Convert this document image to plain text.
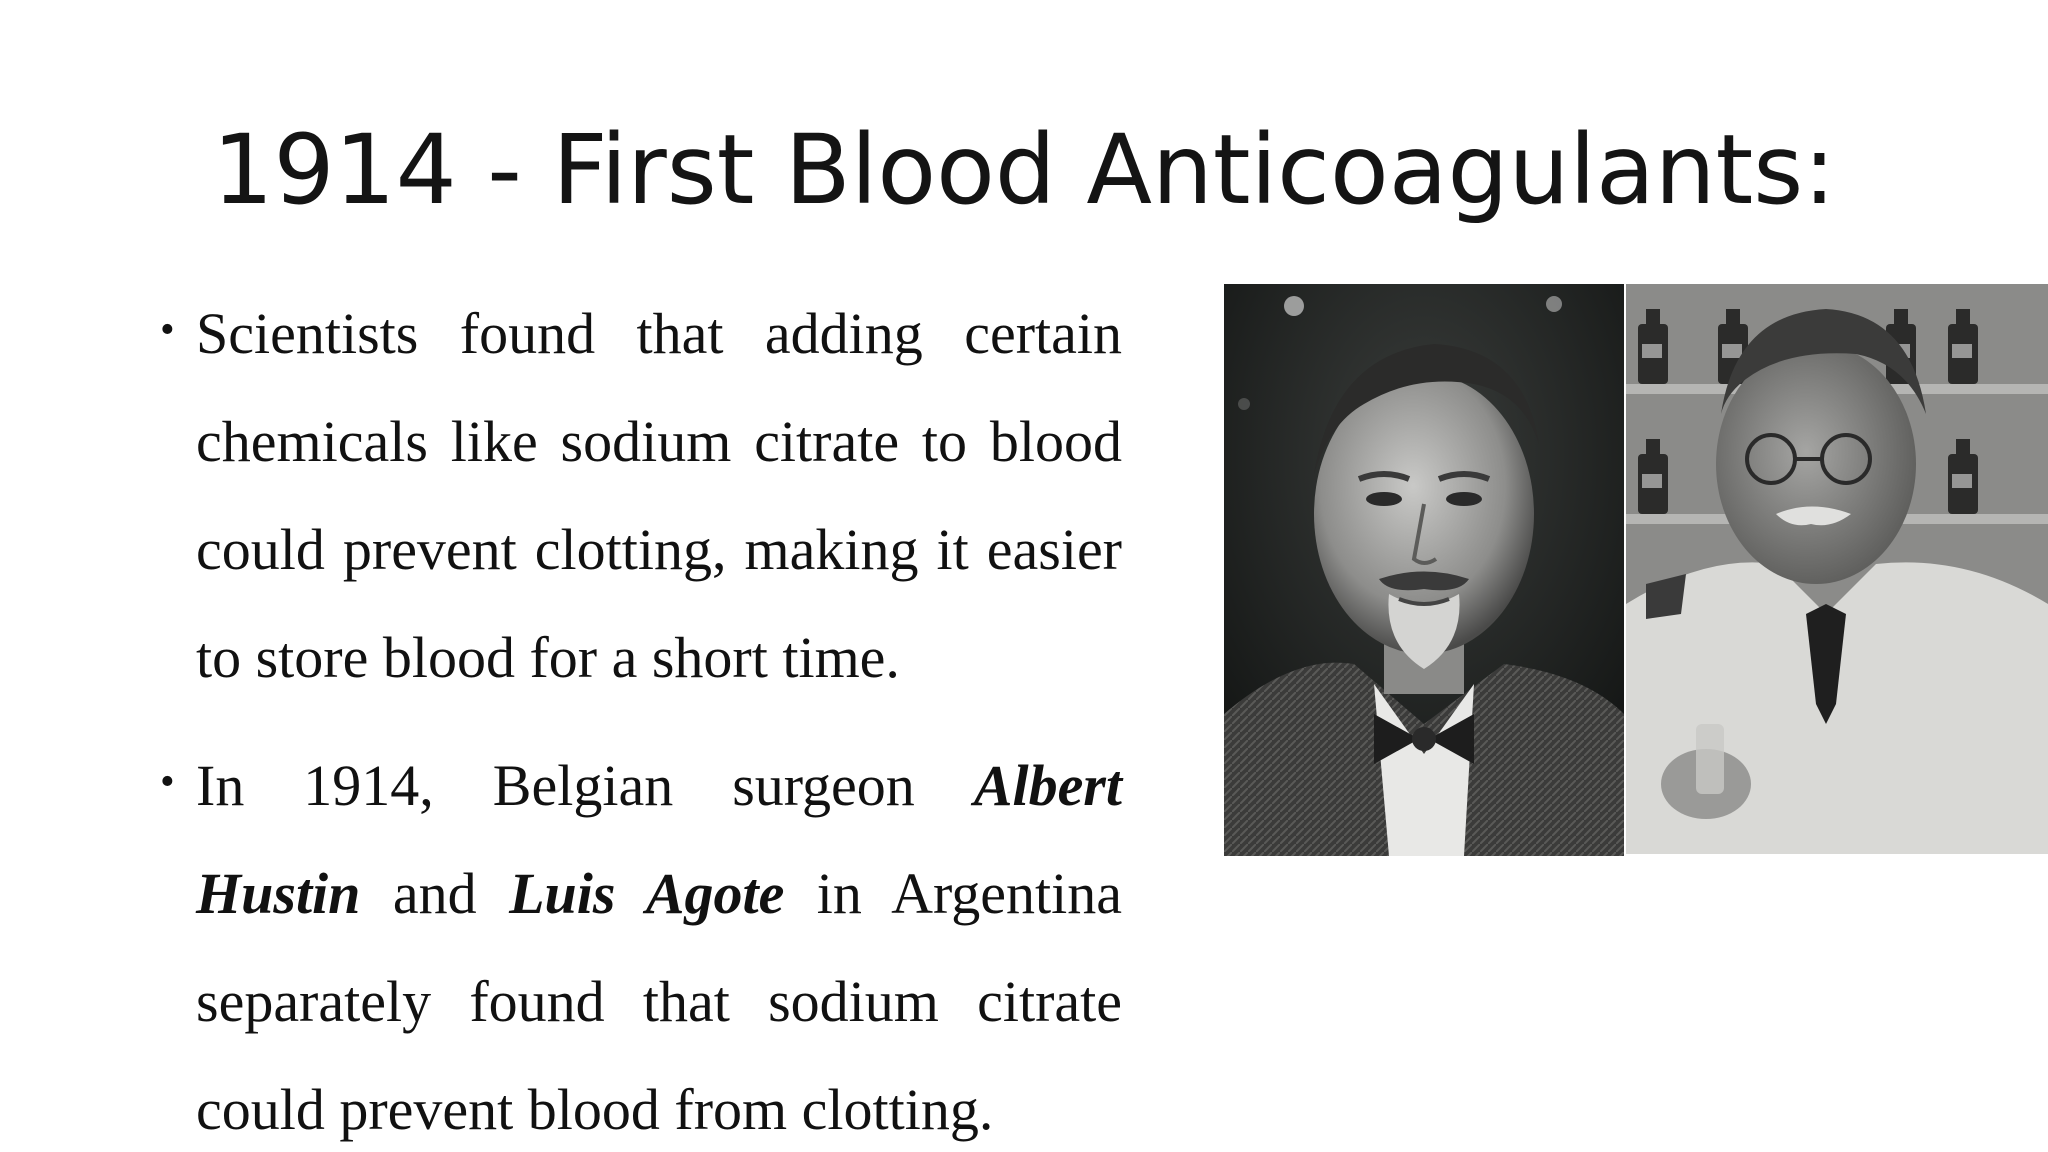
1914 - First Blood Anticoagulants:
• Scientists found that adding certain chemicals like sodium citrate to blood could prevent clotting, making it easier to store blood for a short time.
• In 1914, Belgian surgeon Albert Hustin and Luis Agote in Argentina separately found that sodium citrate could prevent blood from clotting.
